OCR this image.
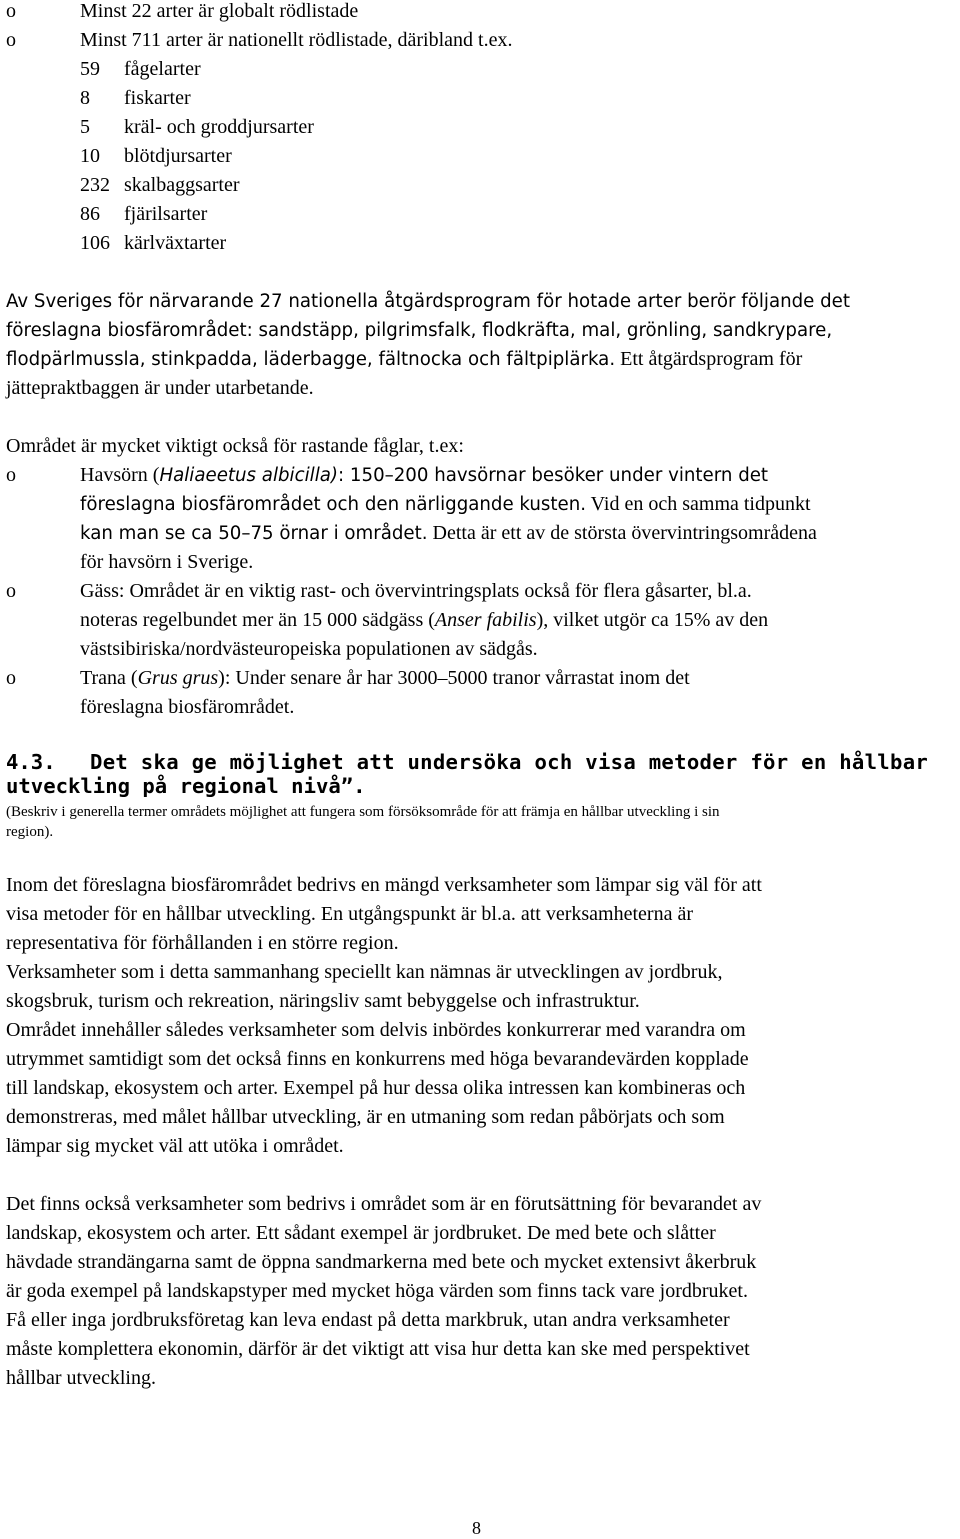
o	Minst 22 arter är globalt rödlistade
o	Minst 711 arter är nationellt rödlistade, däribland t.ex.
59 fågelarter
8 fiskarter
5 kräl- och groddjursarter
10 blötdjursarter
232 skalbaggsarter
86 fjärilsarter
106 kärlväxtarter
Av Sveriges för närvarande 27 nationella åtgärdsprogram för hotade arter berör följande det
föreslagna biosfärområdet: sandstäpp, pilgrimsfalk, flodkräfta, mal, grönling, sandkrypare,
flodpärlmussla, stinkpadda, läderbagge, fältnocka och fältpiplärka. Ett åtgärdsprogram för
jättepraktbaggen är under utarbetande.
Området är mycket viktigt också för rastande fåglar, t.ex:
o	Havsörn (Haliaeetus albicilla): 150–200 havsörnar besöker under vintern det
föreslagna biosfärområdet och den närliggande kusten. Vid en och samma tidpunkt
kan man se ca 50–75 örnar i området. Detta är ett av de största övervintringsområdena
för havsörn i Sverige.
o	Gäss: Området är en viktig rast- och övervintringsplats också för flera gåsarter, bl.a.
noteras regelbundet mer än 15 000 sädgäss (Anser fabilis), vilket utgör ca 15% av den
västsibiriska/nordvästeuropeiska populationen av sädgås.
o	Trana (Grus grus): Under senare år har 3000–5000 tranor vårrastat inom det
föreslagna biosfärområdet.
4.3. Det ska ge möjlighet att undersöka och visa metoder för en hållbar
utveckling på regional nivå”.
(Beskriv i generella termer områdets möjlighet att fungera som försöksområde för att främja en hållbar utveckling i sin
region).
Inom det föreslagna biosfärområdet bedrivs en mängd verksamheter som lämpar sig väl för att
visa metoder för en hållbar utveckling. En utgångspunkt är bl.a. att verksamheterna är
representativa för förhållanden i en större region.
Verksamheter som i detta sammanhang speciellt kan nämnas är utvecklingen av jordbruk,
skogsbruk, turism och rekreation, näringsliv samt bebyggelse och infrastruktur.
Området innehåller således verksamheter som delvis inbördes konkurrerar med varandra om
utrymmet samtidigt som det också finns en konkurrens med höga bevarandevärden kopplade
till landskap, ekosystem och arter. Exempel på hur dessa olika intressen kan kombineras och
demonstreras, med målet hållbar utveckling, är en utmaning som redan påbörjats och som
lämpar sig mycket väl att utöka i området.
Det finns också verksamheter som bedrivs i området som är en förutsättning för bevarandet av
landskap, ekosystem och arter. Ett sådant exempel är jordbruket. De med bete och slåtter
hävdade strandängarna samt de öppna sandmarkerna med bete och mycket extensivt åkerbruk
är goda exempel på landskapstyper med mycket höga värden som finns tack vare jordbruket.
Få eller inga jordbruksföretag kan leva endast på detta markbruk, utan andra verksamheter
måste komplettera ekonomin, därför är det viktigt att visa hur detta kan ske med perspektivet
hållbar utveckling.
8
